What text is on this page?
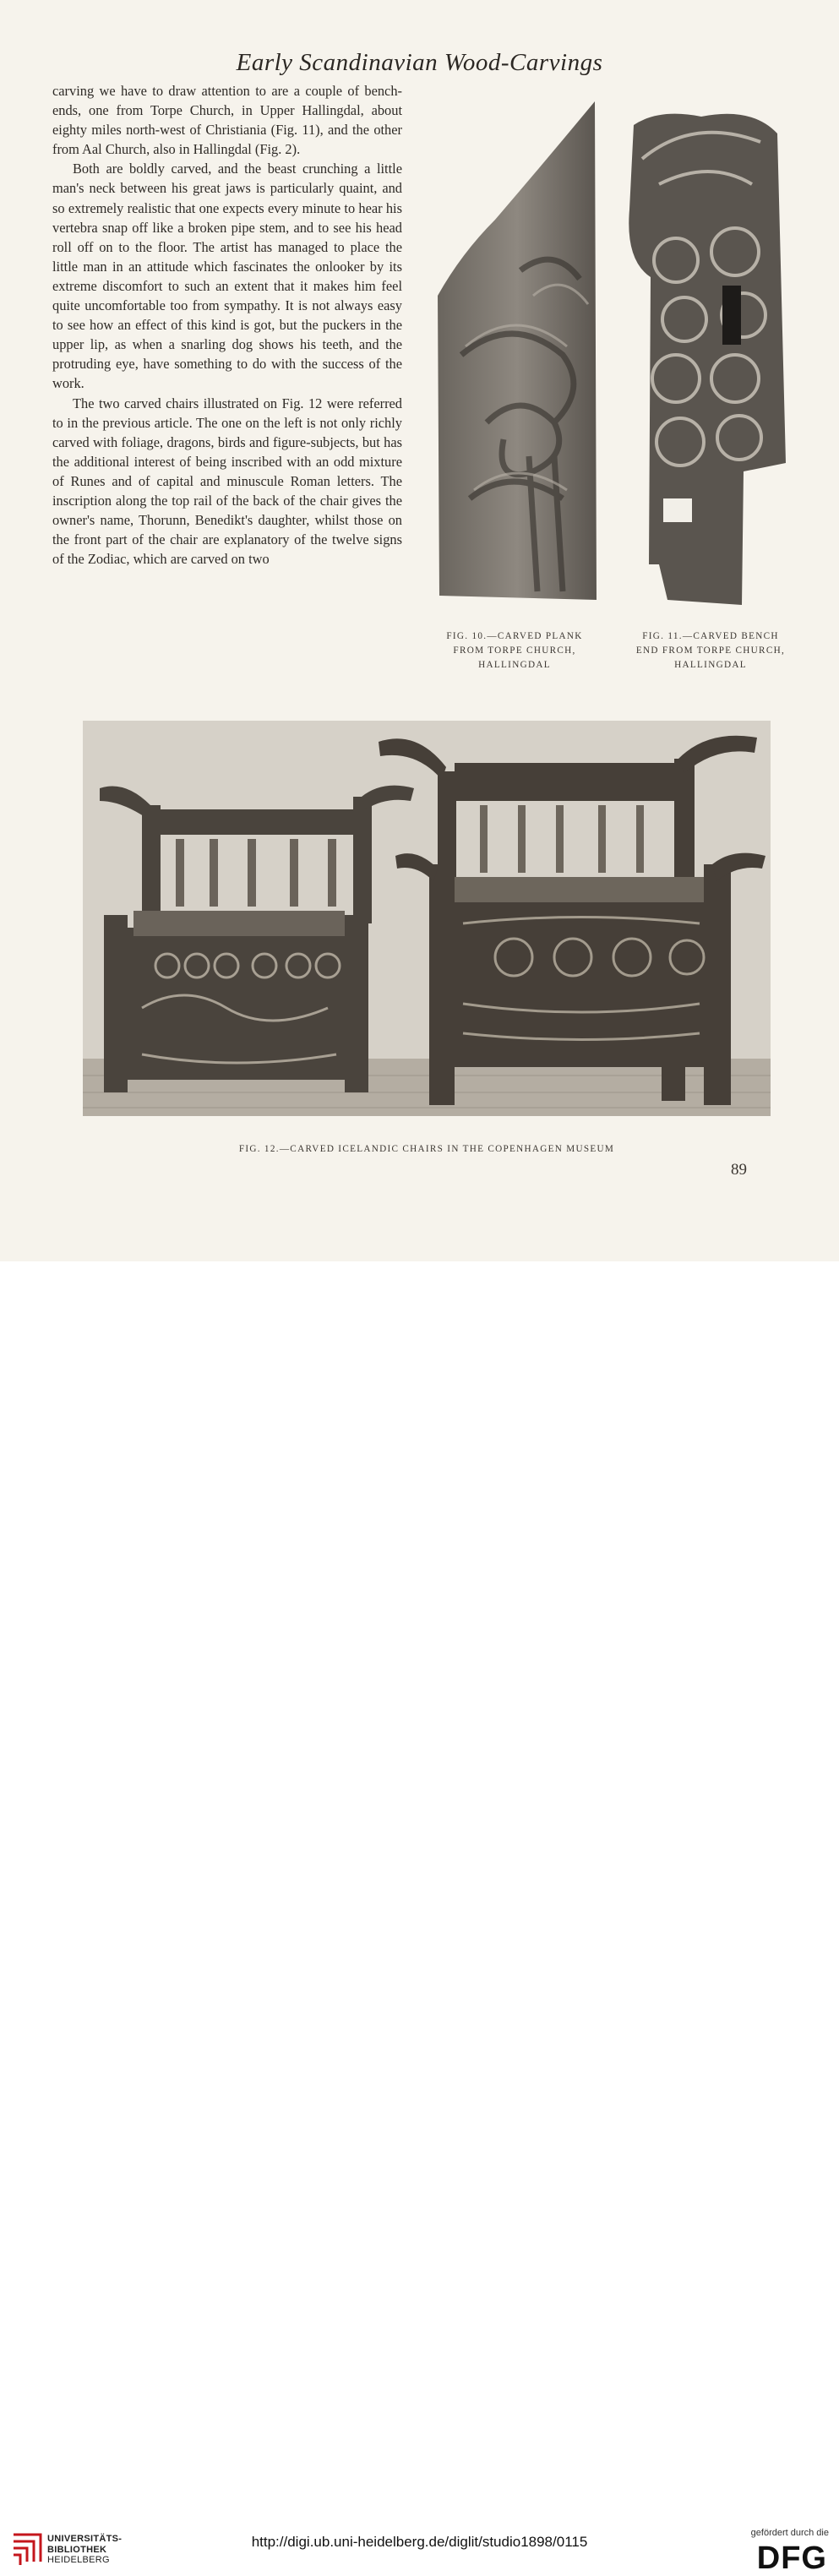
Early Scandinavian Wood-Carvings

carving we have to draw attention to are a couple of bench-ends, one from Torpe Church, in Upper Hallingdal, about eighty miles north-west of Christiania (Fig. 11), and the other from Aal Church, also in Hallingdal (Fig. 2).

Both are boldly carved, and the beast crunching a little man's neck between his great jaws is particularly quaint, and so extremely realistic that one expects every minute to hear his vertebra snap off like a broken pipe stem, and to see his head roll off on to the floor. The artist has managed to place the little man in an attitude which fascinates the onlooker by its extreme discomfort to such an extent that it makes him feel quite uncomfortable too from sympathy. It is not always easy to see how an effect of this kind is got, but the puckers in the upper lip, as when a snarling dog shows his teeth, and the protruding eye, have something to do with the success of the work.

The two carved chairs illustrated on Fig. 12 were referred to in the previous article. The one on the left is not only richly carved with foliage, dragons, birds and figure-subjects, but has the additional interest of being inscribed with an odd mixture of Runes and of capital and minuscule Roman letters. The inscription along the top rail of the back of the chair gives the owner's name, Thorunn, Benedikt's daughter, whilst those on the front part of the chair are explanatory of the twelve signs of the Zodiac, which are carved on two

FIG. 10.—CARVED PLANK
FROM TORPE CHURCH,
HALLINGDAL
FIG. 11.—CARVED BENCH
END FROM TORPE CHURCH,
HALLINGDAL
FIG. 12.—CARVED ICELANDIC CHAIRS IN THE COPENHAGEN MUSEUM
89
UNIVERSITÄTS-
BIBLIOTHEK
HEIDELBERG
http://digi.ub.uni-heidelberg.de/diglit/studio1898/0115
gefördert durch die
DFG
